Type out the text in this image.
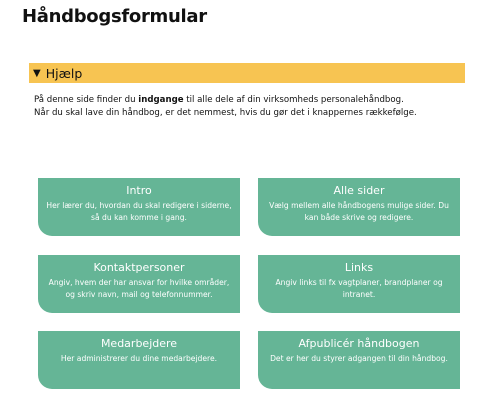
Håndbogsformular
▼ Hjælp

På denne side finder du indgange til alle dele af din virksomheds personalehåndbog.

Når du skal lave din håndbog, er det nemmest, hvis du gør det i knappernes rækkefølge.

Intro
Her lærer du, hvordan du skal redigere i siderne, så du kan komme i gang.
Alle sider
Vælg mellem alle håndbogens mulige sider. Du kan både skrive og redigere.
Kontaktpersoner
Angiv, hvem der har ansvar for hvilke områder, og skriv navn, mail og telefonnummer.
Links
Angiv links til fx vagtplaner, brandplaner og intranet.
Medarbejdere
Her administrerer du dine medarbejdere.
Afpublicér håndbogen
Det er her du styrer adgangen til din håndbog.
